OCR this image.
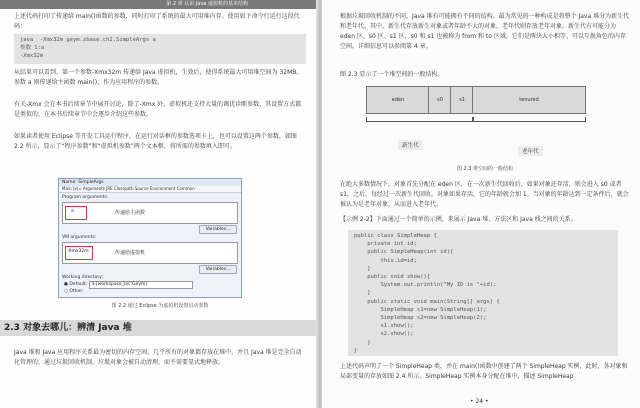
第 2 章 认识 Java 虚拟机的基本结构
上述代码打印了传递给 main()函数的参数，同时打印了系统的最大可用堆内存。使用如下命令行运行这段代码：
java  -Xmx32m geym.zbase.ch2.SimpleArgs a
参数 1:a
-Xmx32m
从结果可以看到，第一个参数-Xmx32m 传递给 Java 虚拟机，生效后，使得系统最大可用堆空间为 32MB。参数 a 则传递给主函数 main()，作为应用程序的参数。
有关-Xmx 会在本书后续章节中展开讨论，除了-Xmx 外，虚拟机还支持大量的调优诊断参数，其设置方式都是类似的，在本书后续章节中会逐步介绍这些参数。
如果读者使用 Eclipse 等开发工具运行程序，在运行对话框的参数选项卡上，也可以设置这两个参数，如图 2.2 所示，显示了“程序参数”和“虚拟机参数”两个文本框，将所需的参数填入即可。
Name: SimpleArgs
Main (x)= Arguments JRE Classpath Source Environment Common
Program arguments:
a	传递给主函数
Variables...
VM arguments:
-Xmx32m	传递给虚拟机
Variables...
Working directory:
● Default:	${workspace_loc:Geym}
○ Other:
图 2.2 通过 Eclipse 为虚拟机设置启动参数
2.3 对象去哪儿：辨清 Java 堆
Java 堆和 Java 应用程序关系最为密切的内存空间，几乎所有的对象都存放在堆中，并且 Java 堆是完全自动化管理的，通过垃圾回收机制，垃圾对象会被自动清理，而不需要显式地释放。
根据垃圾回收机制的不同，Java 堆有可能拥有不同的结构。最为常见的一种构成是将整个 Java 堆分为新生代和老年代。其中，新生代存放新生对象或者年龄不大的对象，老年代则存放老年对象。新生代有可能分为 eden 区、s0 区、s1 区，s0 和 s1 也被称为 from 和 to 区域，它们是两块大小相等、可以互换角色的内存空间。详细信息可以参阅第 4 章。
图 2.3 显示了一个堆空间的一般结构。
eden	s0	s1	tenured
新生代
老年代
图 2.3 堆空间的一般结构
在绝大多数情况下，对象首先分配在 eden 区，在一次新生代回收后，如果对象还存活，则会进入 s0 或者 s1，之后，每经过一次新生代回收，对象如果存活，它的年龄就会加 1。当对象的年龄达到一定条件后，就会被认为是老年对象，从而进入老年代。
【示例 2-2】下面通过一个简单的示例，来展示 Java 堆、方法区和 Java 栈之间的关系。
public class SimpleHeap {
private int id;
public SimpleHeap(int id){
this.id=id;
}
public void show(){
System.out.println("My ID is "+id);
}
public static void main(String[] args) {
SimpleHeap s1=new SimpleHeap(1);
SimpleHeap s2=new SimpleHeap(2);
s1.show();
s2.show();
}
}
上述代码声明了一个 SimpleHeap 类，并在 main()函数中创建了两个 SimpleHeap 实例，此时，各对象和局部变量的存放如图 2.4 所示。SimpleHeap 实例本身分配在堆中，描述 SimpleHeap
• 24 •
